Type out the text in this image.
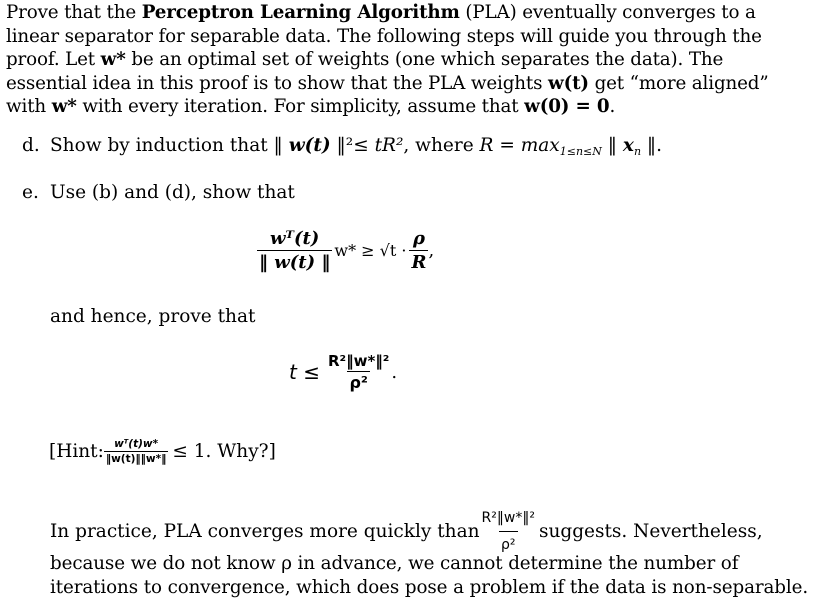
Prove that the Perceptron Learning Algorithm (PLA) eventually converges to a linear separator for separable data. The following steps will guide you through the proof. Let w* be an optimal set of weights (one which separates the data). The essential idea in this proof is to show that the PLA weights w(t) get “more aligned” with w* with every iteration. For simplicity, assume that w(0) = 0.
d. Show by induction that ‖ w(t) ‖²≤ tR², where $R = \max_{1\le n\le N}$ ‖ $x_n$ ‖.
e. Use (b) and (d), show that
$\frac{\text{wᵀ(t)}}{‖ w(t) ‖} w* \ge √t \cdot \frac{\rho}{R}$ ,
and hence, prove that
$t \le \frac{\text{R²‖w*‖²}}{\text{ρ²}}$ .
[Hint: $\frac{\text{wᵀ(t)w*}}{‖w(t)‖‖w*‖} \le 1$. Why?]
In practice, PLA converges more quickly than $\frac{\text{R²‖w*‖²}}{\text{ρ²}}$ suggests. Nevertheless,
because we do not know ρ in advance, we cannot determine the number of iterations to convergence, which does pose a problem if the data is non-separable.
